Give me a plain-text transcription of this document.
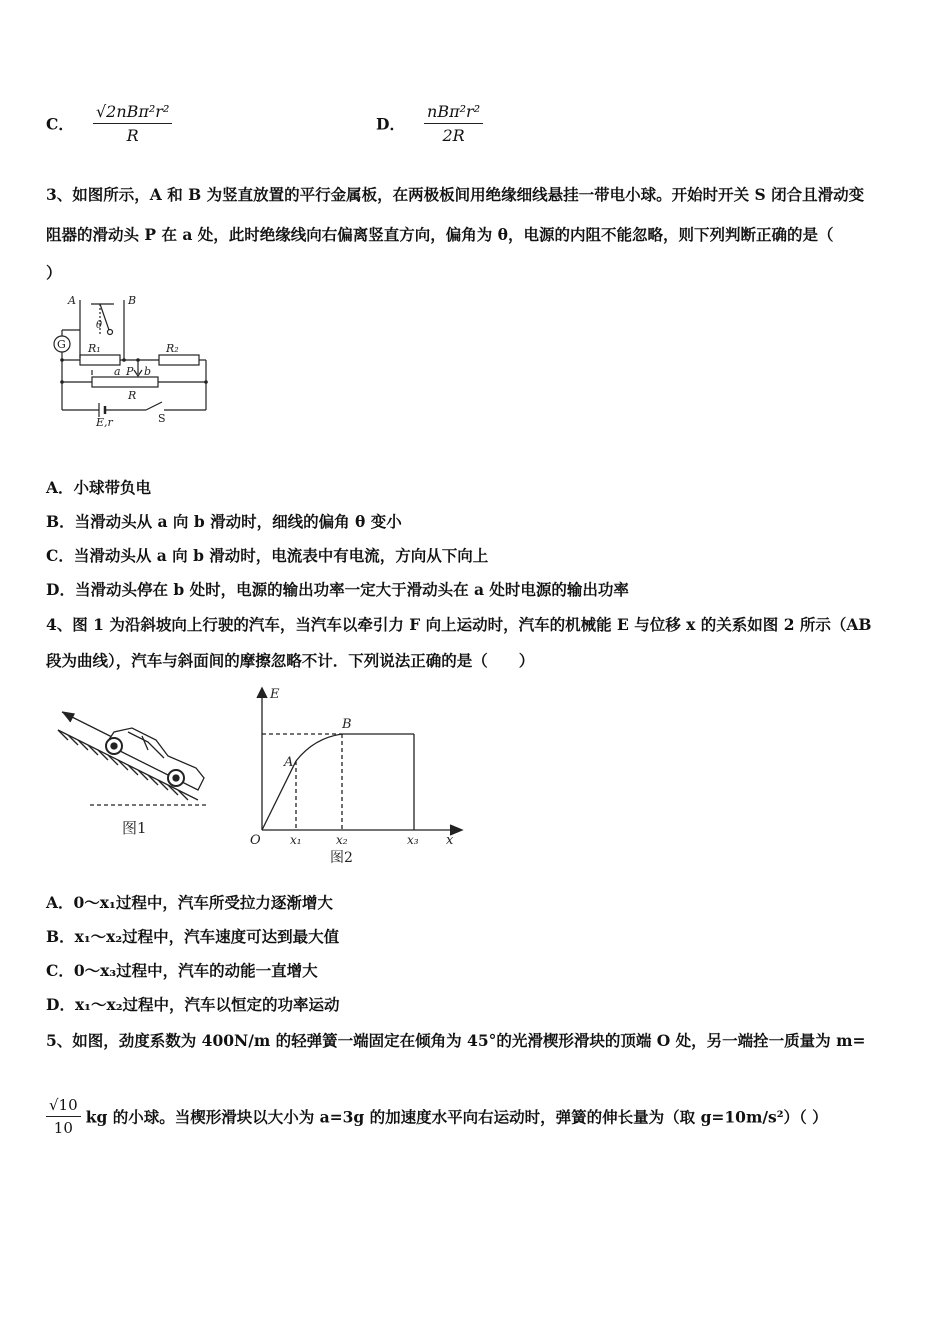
C． $\frac{\text{√2nBπ²r²}}{R}$	D． $\frac{\text{nBπ²r²}}{2R}$
3、如图所示，A 和 B 为竖直放置的平行金属板，在两极板间用绝缘细线悬挂一带电小球。开始时开关 S 闭合且滑动变
阻器的滑动头 P 在 a 处，此时绝缘线向右偏离竖直方向，偏角为 θ，电源的内阻不能忽略，则下列判断正确的是（
）
A	B
θ
G R₁	R₂
a P b
R
E,r	S
A．小球带负电
B．当滑动头从 a 向 b 滑动时，细线的偏角 θ 变小
C．当滑动头从 a 向 b 滑动时，电流表中有电流，方向从下向上
D．当滑动头停在 b 处时，电源的输出功率一定大于滑动头在 a 处时电源的输出功率
4、图 1 为沿斜坡向上行驶的汽车，当汽车以牵引力 F 向上运动时，汽车的机械能 E 与位移 x 的关系如图 2 所示（AB
段为曲线），汽车与斜面间的摩擦忽略不计．下列说法正确的是（　　）
图1
E
B
A
O x₁	x₂	x₃ x
图2
A．0～x₁过程中，汽车所受拉力逐渐增大
B．x₁～x₂过程中，汽车速度可达到最大值
C．0～x₃过程中，汽车的动能一直增大
D．x₁～x₂过程中，汽车以恒定的功率运动
5、如图，劲度系数为 400N/m 的轻弹簧一端固定在倾角为 45°的光滑楔形滑块的顶端 O 处，另一端拴一质量为 m=
$\frac{√10}{10}$ kg 的小球。当楔形滑块以大小为 a=3g 的加速度水平向右运动时，弹簧的伸长量为（取 g=10m/s²）（ ）
